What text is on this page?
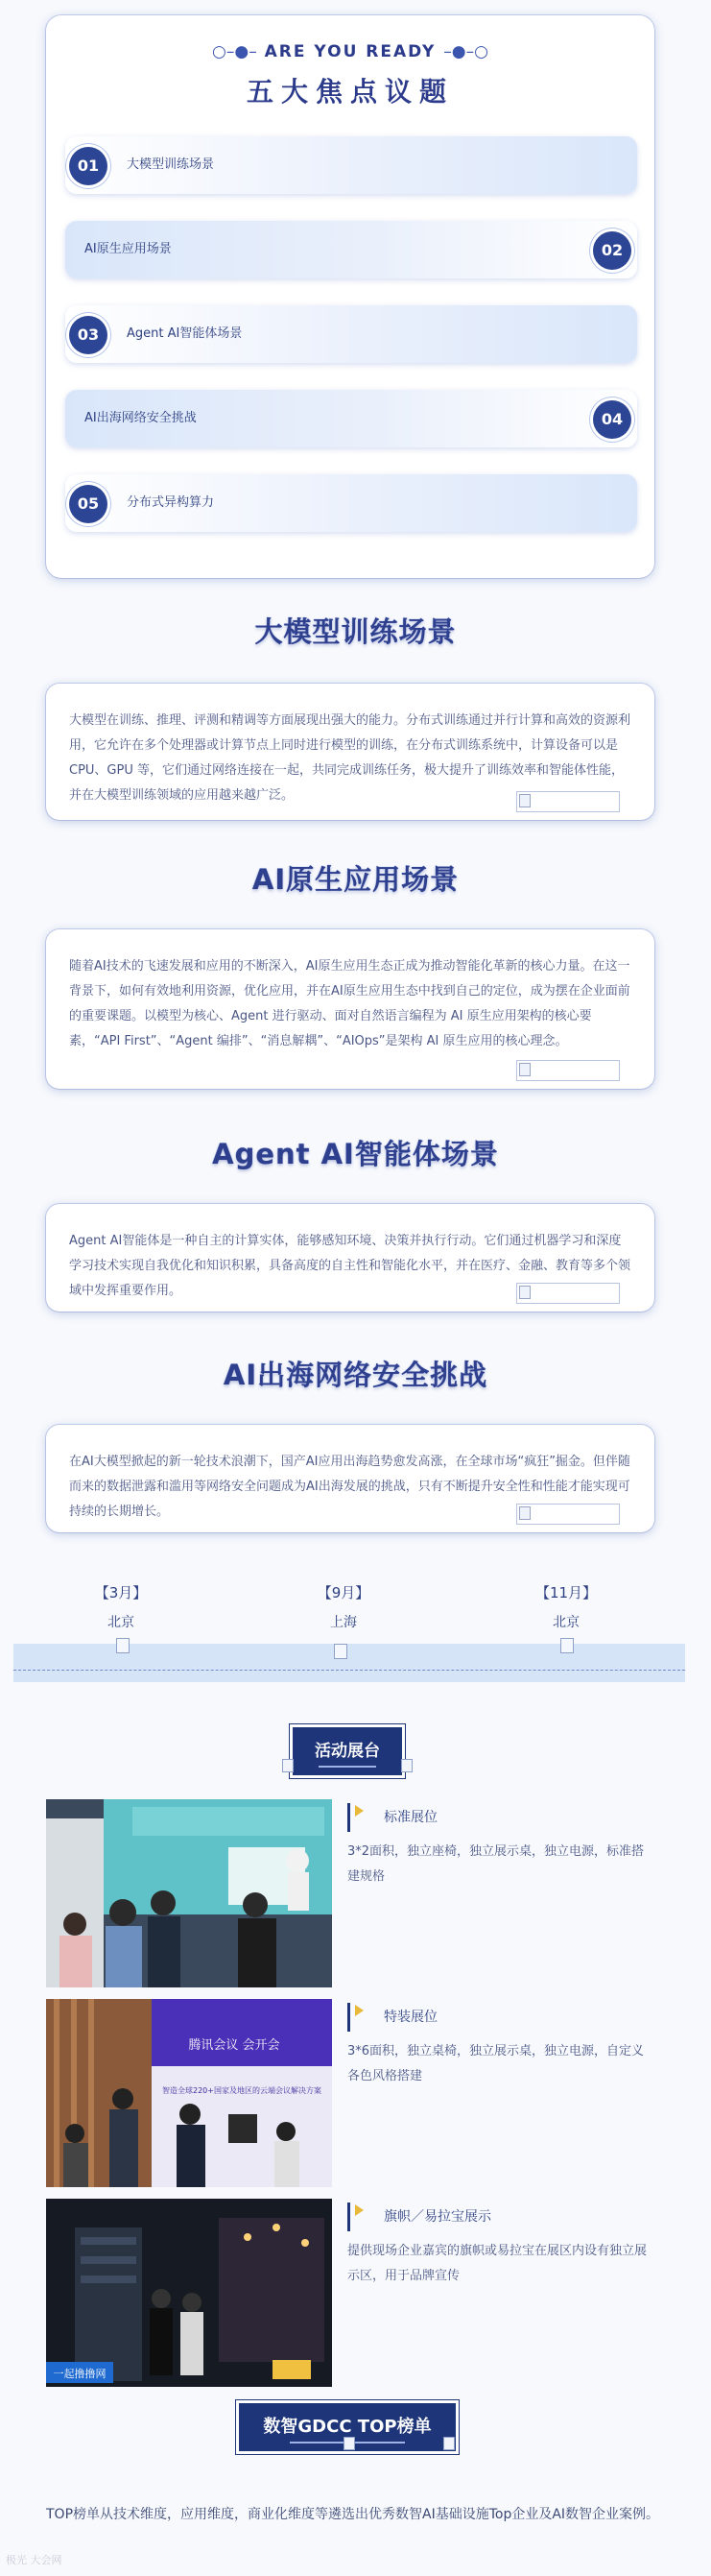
○–●– ARE YOU READY –●–○
五大焦点议题
01	大模型训练场景
AI原生应用场景	02
03	Agent AI智能体场景
AI出海网络安全挑战	04
05	分布式异构算力
大模型训练场景

大模型在训练、推理、评测和精调等方面展现出强大的能力。分布式训练通过并行计算和高效的资源利用，它允许在多个处理器或计算节点上同时进行模型的训练，在分布式训练系统中，计算设备可以是 CPU、GPU 等，它们通过网络连接在一起，共同完成训练任务，极大提升了训练效率和智能体性能，并在大模型训练领域的应用越来越广泛。

AI原生应用场景

随着AI技术的飞速发展和应用的不断深入，AI原生应用生态正成为推动智能化革新的核心力量。在这一背景下，如何有效地利用资源，优化应用，并在AI原生应用生态中找到自己的定位，成为摆在企业面前的重要课题。以模型为核心、Agent 进行驱动、面对自然语言编程为 AI 原生应用架构的核心要素，“API First”、“Agent 编排”、“消息解耦”、“AIOps”是架构 AI 原生应用的核心理念。

Agent AI智能体场景

Agent AI智能体是一种自主的计算实体，能够感知环境、决策并执行行动。它们通过机器学习和深度学习技术实现自我优化和知识积累，具备高度的自主性和智能化水平，并在医疗、金融、教育等多个领域中发挥重要作用。

AI出海网络安全挑战

在AI大模型掀起的新一轮技术浪潮下，国产AI应用出海趋势愈发高涨，在全球市场“疯狂”掘金。但伴随而来的数据泄露和滥用等网络安全问题成为AI出海发展的挑战，只有不断提升安全性和性能才能实现可持续的长期增长。

【3月】
北京
【9月】
上海
【11月】
北京
活动展台
标准展位
3*2面积，独立座椅，独立展示桌，独立电源，标准搭建规格
腾讯会议 会开会
智造全球220+国家及地区的云端会议解决方案
特装展位
3*6面积，独立桌椅，独立展示桌，独立电源，自定义各色风格搭建
一起撸撸网
旗帜／易拉宝展示
提供现场企业嘉宾的旗帜或易拉宝在展区内设有独立展示区，用于品牌宣传
数智GDCC TOP榜单
TOP榜单从技术维度，应用维度，商业化维度等遴选出优秀数智AI基础设施Top企业及AI数智企业案例。
极光 大会网
